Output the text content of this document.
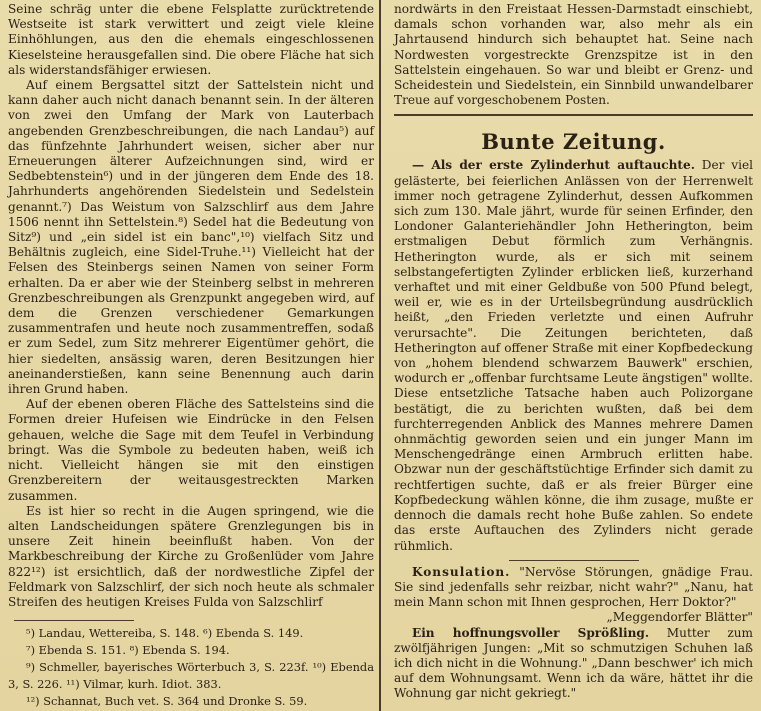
Seine schräg unter die ebene Felsplatte zurücktretende Westseite ist stark verwittert und zeigt viele kleine Einhöhlungen, aus den die ehemals eingeschlossenen Kieselsteine herausgefallen sind. Die obere Fläche hat sich als widerstandsfähiger erwiesen.

Auf einem Bergsattel sitzt der Sattelstein nicht und kann daher auch nicht danach benannt sein. In der älteren von zwei den Umfang der Mark von Lauterbach angebenden Grenzbeschreibungen, die nach Landau⁵) auf das fünfzehnte Jahrhundert weisen, sicher aber nur Erneuerungen älterer Aufzeichnungen sind, wird er Sedbebtenstein⁶) und in der jüngeren dem Ende des 18. Jahrhunderts angehörenden Siedelstein und Sedelstein genannt.⁷) Das Weistum von Salzschlirf aus dem Jahre 1506 nennt ihn Settelstein.⁸) Sedel hat die Bedeutung von Sitz⁹) und „ein sidel ist ein banc",¹⁰) vielfach Sitz und Behältnis zugleich, eine Sidel-Truhe.¹¹) Vielleicht hat der Felsen des Steinbergs seinen Namen von seiner Form erhalten. Da er aber wie der Steinberg selbst in mehreren Grenzbeschreibungen als Grenzpunkt angegeben wird, auf dem die Grenzen verschiedener Gemarkungen zusammentrafen und heute noch zusammentreffen, sodaß er zum Sedel, zum Sitz mehrerer Eigentümer gehört, die hier siedelten, ansässig waren, deren Besitzungen hier aneinanderstießen, kann seine Benennung auch darin ihren Grund haben.

Auf der ebenen oberen Fläche des Sattelsteins sind die Formen dreier Hufeisen wie Eindrücke in den Felsen gehauen, welche die Sage mit dem Teufel in Verbindung bringt. Was die Symbole zu bedeuten haben, weiß ich nicht. Vielleicht hängen sie mit den einstigen Grenzbereitern der weitausgestreckten Marken zusammen.

Es ist hier so recht in die Augen springend, wie die alten Landscheidungen spätere Grenzlegungen bis in unsere Zeit hinein beeinflußt haben. Von der Markbeschreibung der Kirche zu Großenlüder vom Jahre 822¹²) ist ersichtlich, daß der nordwestliche Zipfel der Feldmark von Salzschlirf, der sich noch heute als schmaler Streifen des heutigen Kreises Fulda von Salzschlirf

⁵) Landau, Wettereiba, S. 148. ⁶) Ebenda S. 149.

⁷) Ebenda S. 151. ⁸) Ebenda S. 194.

⁹) Schmeller, bayerisches Wörterbuch 3, S. 223f. ¹⁰) Ebenda 3, S. 226. ¹¹) Vilmar, kurh. Idiot. 383.

¹²) Schannat, Buch vet. S. 364 und Dronke S. 59.

nordwärts in den Freistaat Hessen-Darmstadt einschiebt, damals schon vorhanden war, also mehr als ein Jahrtausend hindurch sich behauptet hat. Seine nach Nordwesten vorgestreckte Grenzspitze ist in den Sattelstein eingehauen. So war und bleibt er Grenz- und Scheidestein und Siedelstein, ein Sinnbild unwandelbarer Treue auf vorgeschobenem Posten.

Bunte Zeitung.

— Als der erste Zylinderhut auftauchte. Der viel gelästerte, bei feierlichen Anlässen von der Herrenwelt immer noch getragene Zylinderhut, dessen Aufkommen sich zum 130. Male jährt, wurde für seinen Erfinder, den Londoner Galanteriehändler John Hetherington, beim erstmaligen Debut förmlich zum Verhängnis. Hetherington wurde, als er sich mit seinem selbstangefertigten Zylinder erblicken ließ, kurzerhand verhaftet und mit einer Geldbuße von 500 Pfund belegt, weil er, wie es in der Urteilsbegründung ausdrücklich heißt, „den Frieden verletzte und einen Aufruhr verursachte". Die Zeitungen berichteten, daß Hetherington auf offener Straße mit einer Kopfbedeckung von „hohem blendend schwarzem Bauwerk" erschien, wodurch er „offenbar furchtsame Leute ängstigen" wollte. Diese entsetzliche Tatsache haben auch Polizorgane bestätigt, die zu berichten wußten, daß bei dem furchterregenden Anblick des Mannes mehrere Damen ohnmächtig geworden seien und ein junger Mann im Menschengedränge einen Armbruch erlitten habe. Obzwar nun der geschäftstüchtige Erfinder sich damit zu rechtfertigen suchte, daß er als freier Bürger eine Kopfbedeckung wählen könne, die ihm zusage, mußte er dennoch die damals recht hohe Buße zahlen. So endete das erste Auftauchen des Zylinders nicht gerade rühmlich.

Konsulation. "Nervöse Störungen, gnädige Frau. Sie sind jedenfalls sehr reizbar, nicht wahr?" „Nanu, hat mein Mann schon mit Ihnen gesprochen, Herr Doktor?"

„Meggendorfer Blätter"

Ein hoffnungsvoller Sprößling. Mutter zum zwölfjährigen Jungen: „Mit so schmutzigen Schuhen laß ich dich nicht in die Wohnung." „Dann beschwer' ich mich auf dem Wohnungsamt. Wenn ich da wäre, hättet ihr die Wohnung gar nicht gekriegt."
